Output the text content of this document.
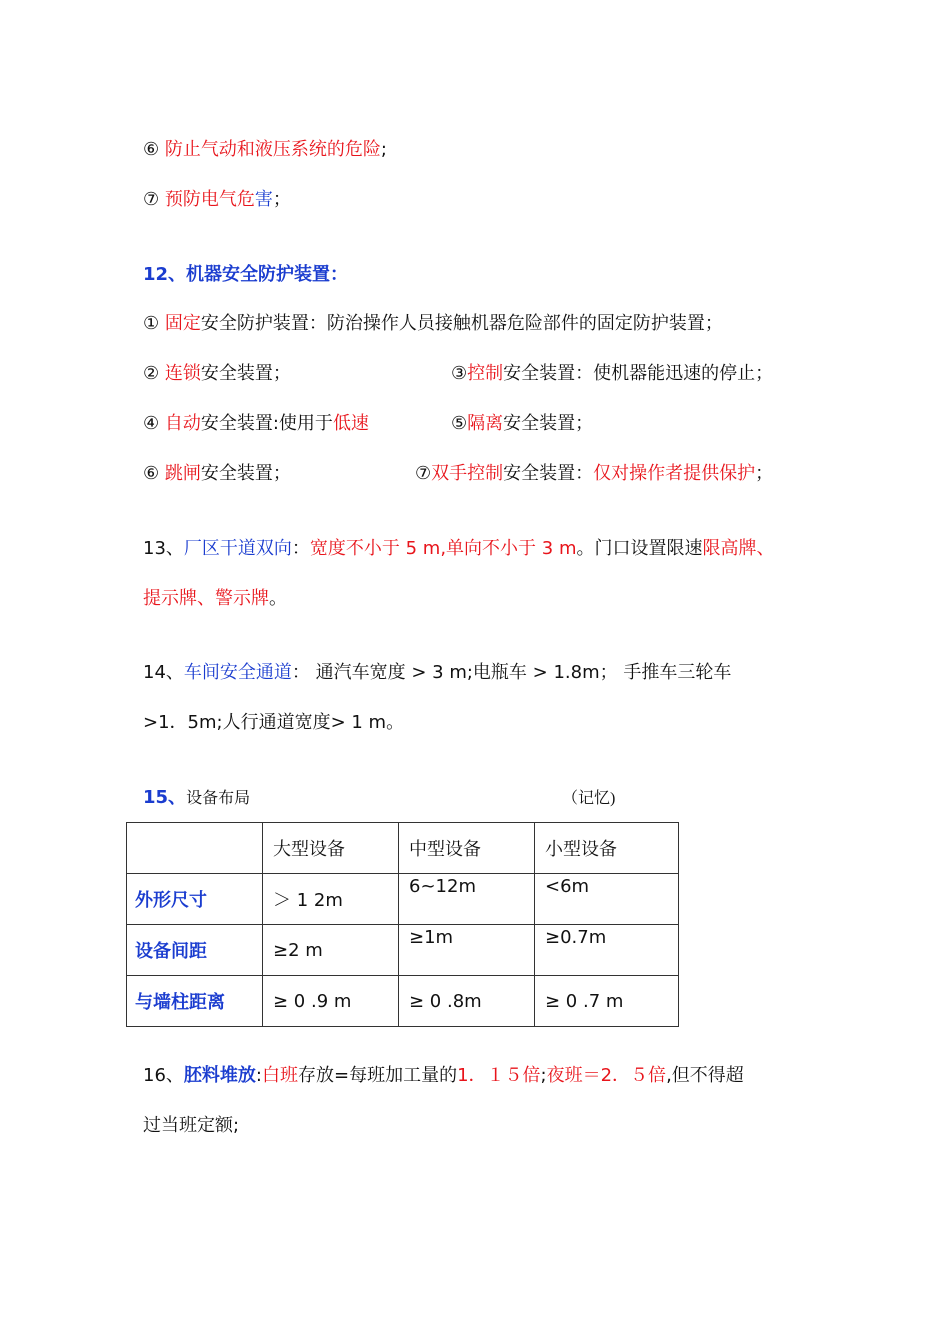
⑥ 防止气动和液压系统的危险;
⑦ 预防电气危害；
12、机器安全防护装置：
① 固定安全防护装置：防治操作人员接触机器危险部件的固定防护装置；
② 连锁安全装置；	③控制安全装置：使机器能迅速的停止；
④ 自动安全装置:使用于低速	⑤隔离安全装置；
⑥ 跳闸安全装置；	⑦双手控制安全装置：仅对操作者提供保护；
13、厂区干道双向：宽度不小于 5 m,单向不小于 3 m。门口设置限速限高牌、
提示牌、警示牌。
14、车间安全通道： 通汽车宽度 > 3 m;电瓶车 > 1.8m； 手推车三轮车
>1．5m;人行通道宽度> 1 m。
15、设备布局	（记忆)
	大型设备	中型设备	小型设备
外形尺寸	＞ 1 2m	6~12m	<6m

设备间距	≥2 m	≥1m	≥0.7m

与墙柱距离	≥ 0 .9 m	≥ 0 .8m	≥ 0 .7 m
16、胚料堆放:白班存放=每班加工量的1．１５倍;夜班＝2．５倍,但不得超
过当班定额;
